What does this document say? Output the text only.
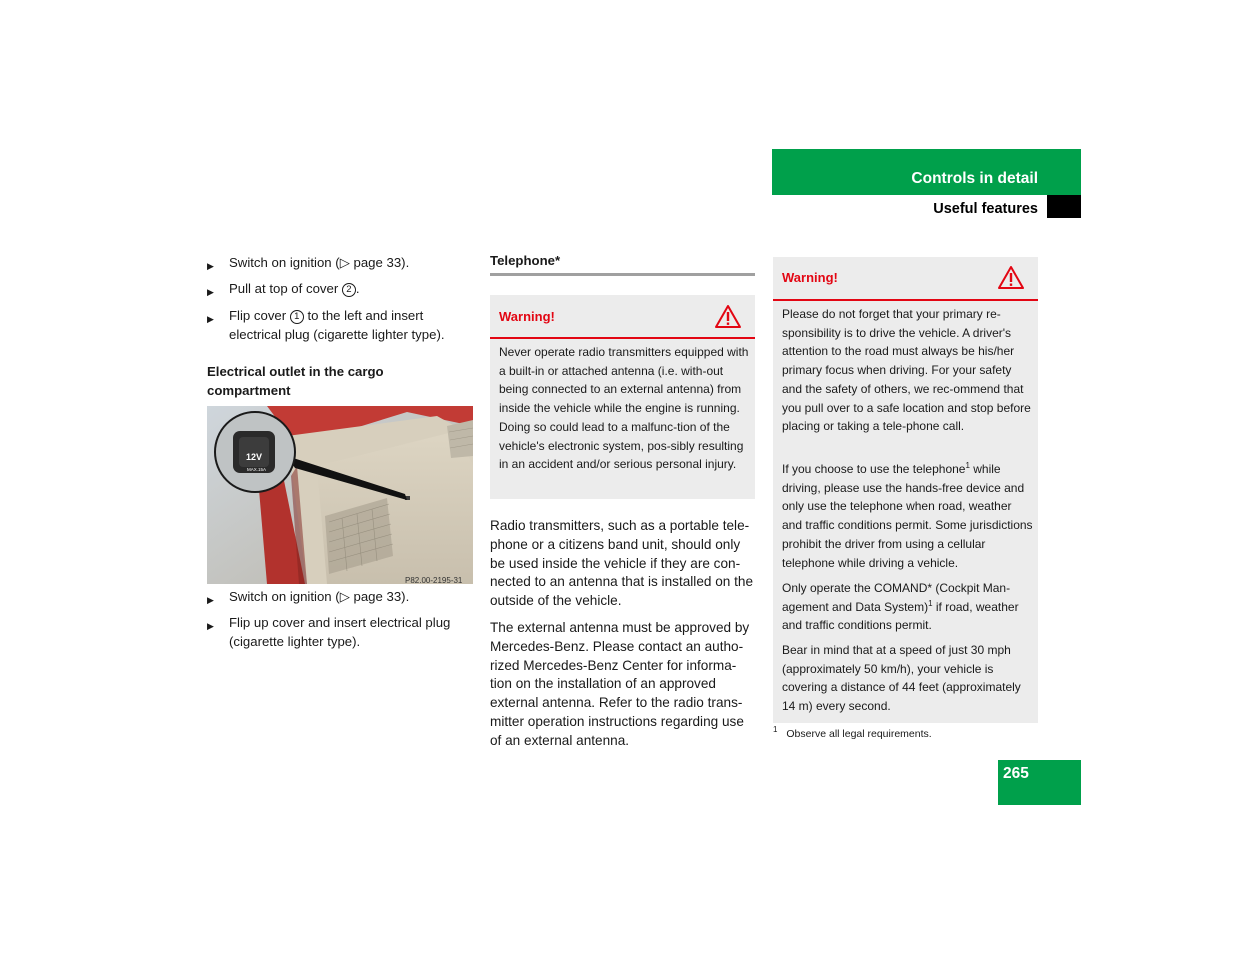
Controls in detail
Useful features
▶ Switch on ignition (▷ page 33).
▶ Pull at top of cover 2 .
▶ Flip cover 1 to the left and insert electrical plug (cigarette lighter type).
Electrical outlet in the cargo compartment
12V
MAX.15A
P82.00-2195-31
▶ Switch on ignition (▷ page 33).
▶ Flip up cover and insert electrical plug (cigarette lighter type).
Telephone*
Warning!
Never operate radio transmitters equipped with a built-in or attached antenna (i.e. with-out being connected to an external antenna) from inside the vehicle while the engine is running. Doing so could lead to a malfunc-tion of the vehicle's electronic system, pos-sibly resulting in an accident and/or serious personal injury.
Radio transmitters, such as a portable tele-phone or a citizens band unit, should only be used inside the vehicle if they are con-nected to an antenna that is installed on the outside of the vehicle.
The external antenna must be approved by Mercedes-Benz. Please contact an autho-rized Mercedes-Benz Center for informa-tion on the installation of an approved external antenna. Refer to the radio trans-mitter operation instructions regarding use of an external antenna.
Warning!
Please do not forget that your primary re-sponsibility is to drive the vehicle. A driver's attention to the road must always be his/her primary focus when driving. For your safety and the safety of others, we rec-ommend that you pull over to a safe location and stop before placing or taking a tele-phone call.
If you choose to use the telephone$^1$ while driving, please use the hands-free device and only use the telephone when road, weather and traffic conditions permit. Some jurisdictions prohibit the driver from using a cellular telephone while driving a vehicle.
Only operate the COMAND* (Cockpit Man-agement and Data System)$^1$ if road, weather and traffic conditions permit.
Bear in mind that at a speed of just 30 mph (approximately 50 km/h), your vehicle is covering a distance of 44 feet (approximately 14 m) every second.
$^1$ Observe all legal requirements.
265
